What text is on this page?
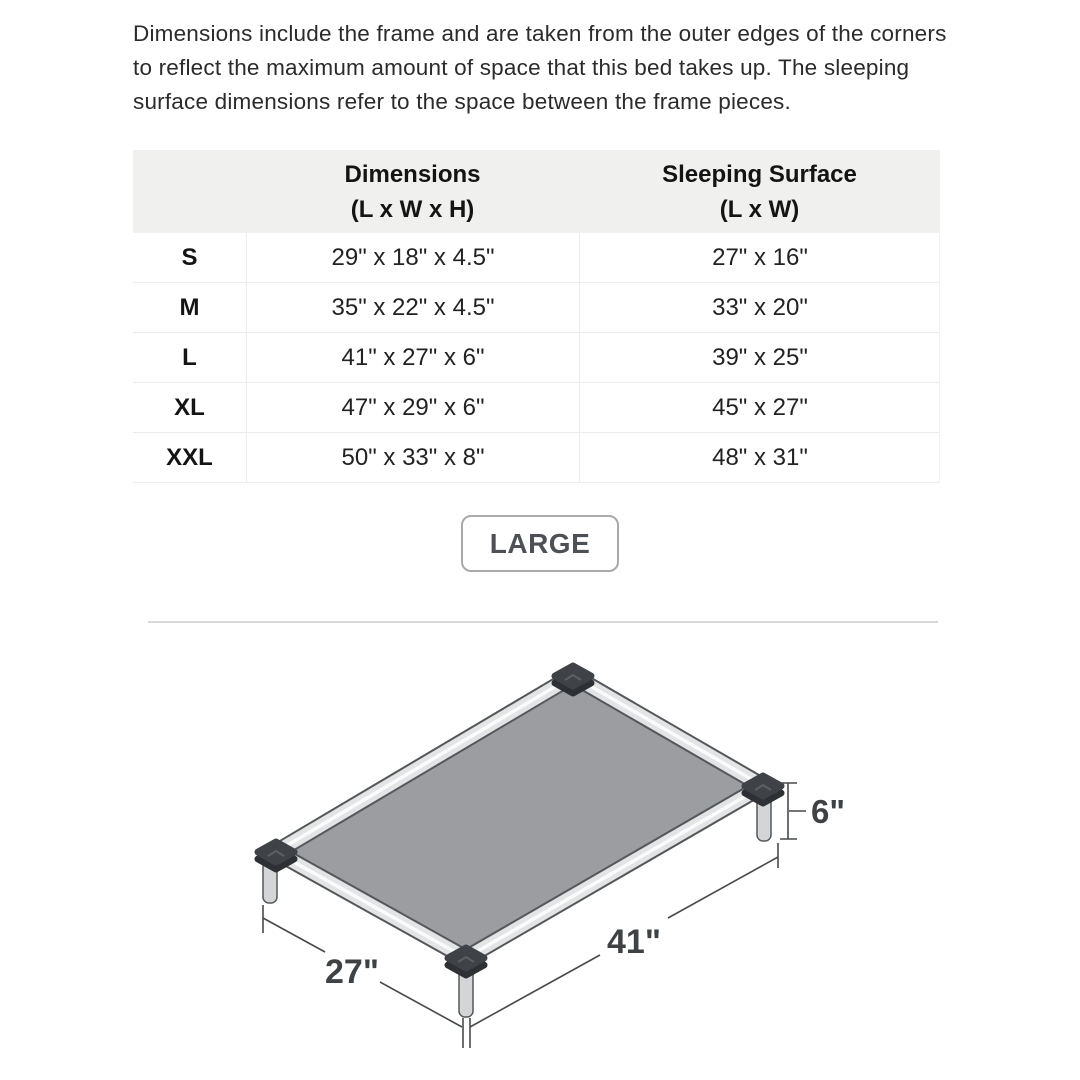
Dimensions include the frame and are taken from the outer edges of the corners
to reflect the maximum amount of space that this bed takes up. The sleeping
surface dimensions refer to the space between the frame pieces.
Dimensions
(L x W x H)
Sleeping Surface
(L x W)
S	29" x 18" x 4.5"	27" x 16"
M	35" x 22" x 4.5"	33" x 20"
L	41" x 27" x 6"	39" x 25"
XL	47" x 29" x 6"	45" x 27"
XXL	50" x 33" x 8"	48" x 31"
LARGE
6"
41"
27"
